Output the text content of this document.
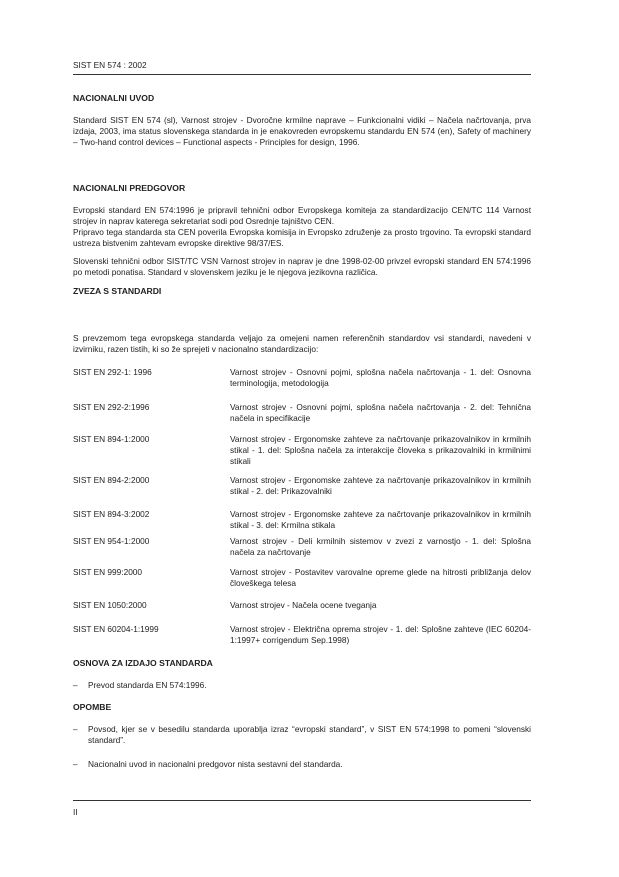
SIST EN 574 : 2002
NACIONALNI UVOD

Standard SIST EN 574 (sl), Varnost strojev - Dvoročne krmilne naprave – Funkcionalni vidiki – Načela načrtovanja, prva izdaja, 2003, ima status slovenskega standarda in je enakovreden evropskemu standardu EN 574 (en), Safety of machinery – Two-hand control devices – Functional aspects - Principles for design, 1996.

NACIONALNI PREDGOVOR

Evropski standard EN 574:1996 je pripravil tehnični odbor Evropskega komiteja za standardizacijo CEN/TC 114 Varnost strojev in naprav katerega sekretariat sodi pod Osrednje tajništvo CEN.

Pripravo tega standarda sta CEN poverila Evropska komisija in Evropsko združenje za prosto trgovino. Ta evropski standard ustreza bistvenim zahtevam evropske direktive 98/37/ES.

Slovenski tehnični odbor SIST/TC VSN Varnost strojev in naprav je dne 1998-02-00 privzel evropski standard EN 574:1996 po metodi ponatisa. Standard v slovenskem jeziku je le njegova jezikovna različica.

ZVEZA S STANDARDI

S prevzemom tega evropskega standarda veljajo za omejeni namen referenčnih standardov vsi standardi, navedeni v izvirniku, razen tistih, ki so že sprejeti v nacionalno standardizacijo:

SIST EN 292-1: 1996	Varnost strojev - Osnovni pojmi, splošna načela načrtovanja - 1. del: Osnovna terminologija, metodologija
SIST EN 292-2:1996	Varnost strojev - Osnovni pojmi, splošna načela načrtovanja - 2. del: Tehnična načela in specifikacije
SIST EN 894-1:2000	Varnost strojev - Ergonomske zahteve za načrtovanje prikazovalnikov in krmilnih stikal - 1. del: Splošna načela za interakcije človeka s prikazovalniki in krmilnimi stikali
SIST EN 894-2:2000	Varnost strojev - Ergonomske zahteve za načrtovanje prikazovalnikov in krmilnih stikal - 2. del: Prikazovalniki
SIST EN 894-3:2002	Varnost strojev - Ergonomske zahteve za načrtovanje prikazovalnikov in krmilnih stikal - 3. del: Krmilna stikala
SIST EN 954-1:2000	Varnost strojev - Deli krmilnih sistemov v zvezi z varnostjo - 1. del: Splošna načela za načrtovanje
SIST EN 999:2000	Varnost strojev - Postavitev varovalne opreme glede na hitrosti približanja delov človeškega telesa
SIST EN 1050:2000	Varnost strojev - Načela ocene tveganja
SIST EN 60204-1:1999	Varnost strojev - Električna oprema strojev - 1. del: Splošne zahteve (IEC 60204-1:1997+ corrigendum Sep.1998)
OSNOVA ZA IZDAJO STANDARDA
– Prevod standarda EN 574:1996.
OPOMBE
– Povsod, kjer se v besedilu standarda uporablja izraz “evropski standard”, v SIST EN 574:1998 to pomeni “slovenski standard”.
– Nacionalni uvod in nacionalni predgovor nista sestavni del standarda.
II
